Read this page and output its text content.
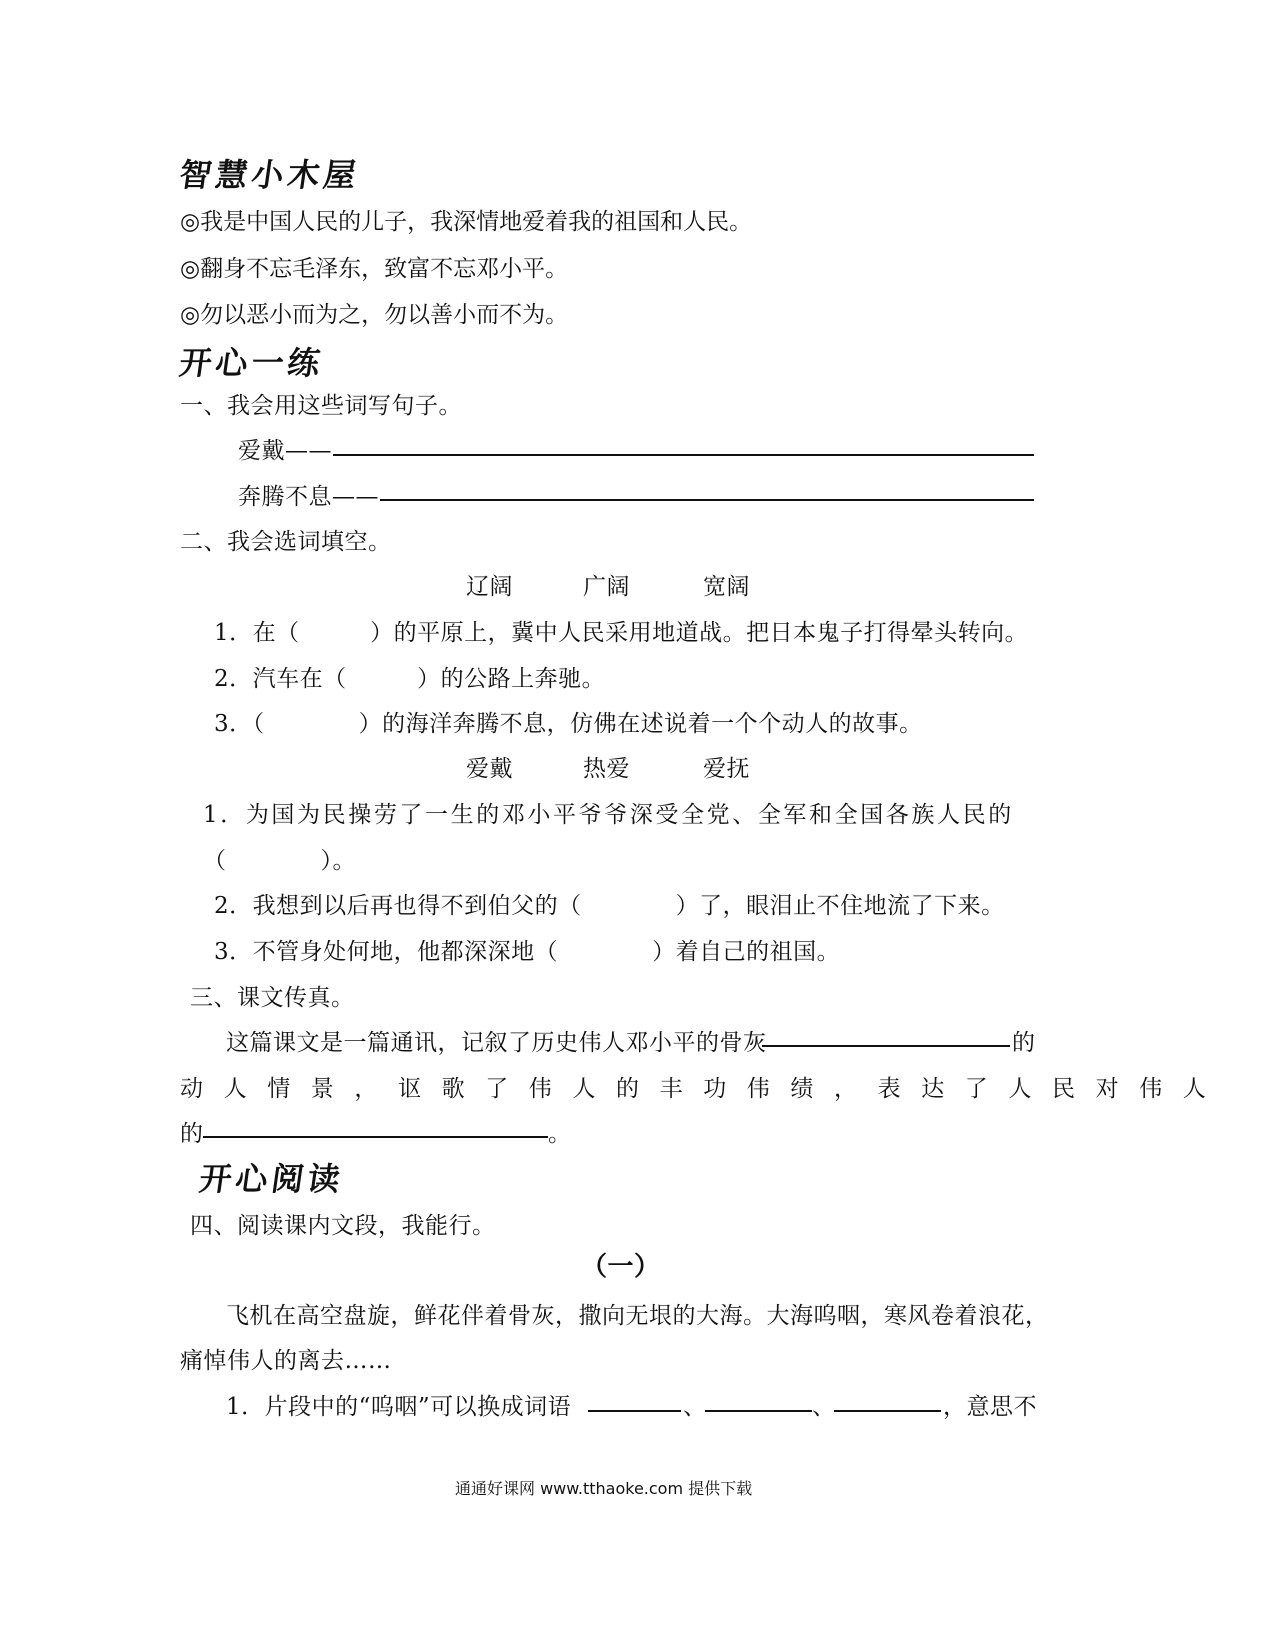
智慧小木屋
◎我是中国人民的儿子，我深情地爱着我的祖国和人民。
◎翻身不忘毛泽东，致富不忘邓小平。
◎勿以恶小而为之，勿以善小而不为。
开心一练
一、我会用这些词写句子。
爱戴——
奔腾不息——
二、我会选词填空。
辽阔	广阔	宽阔
1．在（　　　）的平原上，冀中人民采用地道战。把日本鬼子打得晕头转向。
2．汽车在（　　　）的公路上奔驰。
3．（　　　　）的海洋奔腾不息，仿佛在述说着一个个动人的故事。
爱戴	热爱	爱抚
1．为国为民操劳了一生的邓小平爷爷深受全党、全军和全国各族人民的
（　　　　）。
2．我想到以后再也得不到伯父的（　　　　）了，眼泪止不住地流了下来。
3．不管身处何地，他都深深地（　　　　）着自己的祖国。
三、课文传真。
这篇课文是一篇通讯，记叙了历史伟人邓小平的骨灰	的
动人情景，讴歌了伟人的丰功伟绩，表达了人民对伟人
的	。
开心阅读
四、阅读课内文段，我能行。
（一）
飞机在高空盘旋，鲜花伴着骨灰，撒向无垠的大海。大海呜咽，寒风卷着浪花，
痛悼伟人的离去……
1．片段中的“呜咽”可以换成词语	、	、	，意思不
通通好课网 www.tthaoke.com 提供下载
